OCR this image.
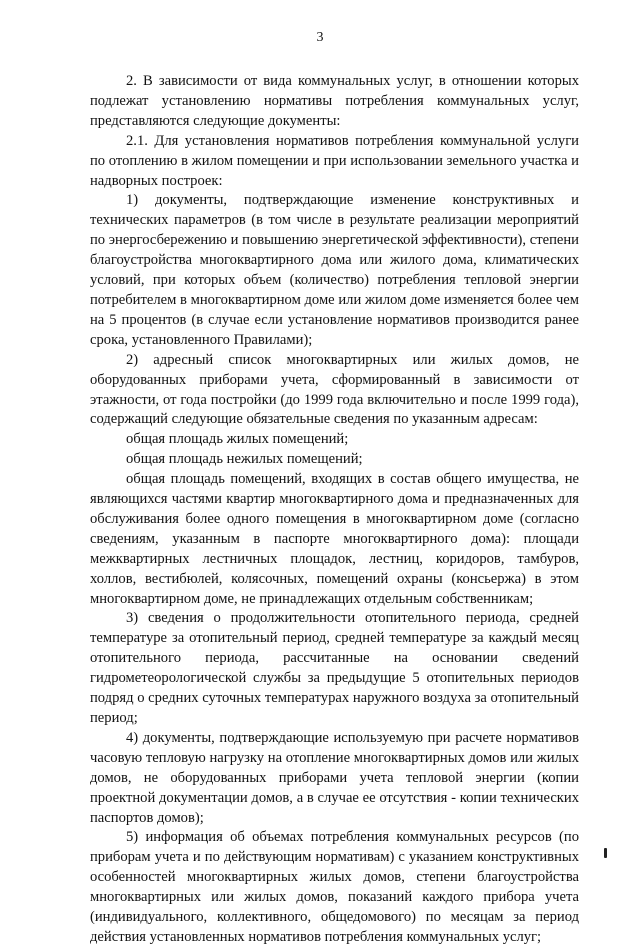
3

2. В зависимости от вида коммунальных услуг, в отношении которых подлежат установлению нормативы потребления коммунальных услуг, представляются следующие документы:

2.1. Для установления нормативов потребления коммунальной услуги по отоплению в жилом помещении и при использовании земельного участка и надворных построек:

1) документы, подтверждающие изменение конструктивных и технических параметров (в том числе в результате реализации мероприятий по энергосбережению и повышению энергетической эффективности), степени благоустройства многоквартирного дома или жилого дома, климатических условий, при которых объем (количество) потребления тепловой энергии потребителем в многоквартирном доме или жилом доме изменяется более чем на 5 процентов (в случае если установление нормативов производится ранее срока, установленного Правилами);

2) адресный список многоквартирных или жилых домов, не оборудованных приборами учета, сформированный в зависимости от этажности, от года постройки (до 1999 года включительно и после 1999 года), содержащий следующие обязательные сведения по указанным адресам:

общая площадь жилых помещений;

общая площадь нежилых помещений;

общая площадь помещений, входящих в состав общего имущества, не являющихся частями квартир многоквартирного дома и предназначенных для обслуживания более одного помещения в многоквартирном доме (согласно сведениям, указанным в паспорте многоквартирного дома): площади межквартирных лестничных площадок, лестниц, коридоров, тамбуров, холлов, вестибюлей, колясочных, помещений охраны (консьержа) в этом многоквартирном доме, не принадлежащих отдельным собственникам;

3) сведения о продолжительности отопительного периода, средней температуре за отопительный период, средней температуре за каждый месяц отопительного периода, рассчитанные на основании сведений гидрометеорологической службы за предыдущие 5 отопительных периодов подряд о средних суточных температурах наружного воздуха за отопительный период;

4) документы, подтверждающие используемую при расчете нормативов часовую тепловую нагрузку на отопление многоквартирных домов или жилых домов, не оборудованных приборами учета тепловой энергии (копии проектной документации домов, а в случае ее отсутствия - копии технических паспортов домов);

5) информация об объемах потребления коммунальных ресурсов (по приборам учета и по действующим нормативам) с указанием конструктивных особенностей многоквартирных жилых домов, степени благоустройства многоквартирных или жилых домов, показаний каждого прибора учета (индивидуального, коллективного, общедомового) по месяцам за период действия установленных нормативов потребления коммунальных услуг;
